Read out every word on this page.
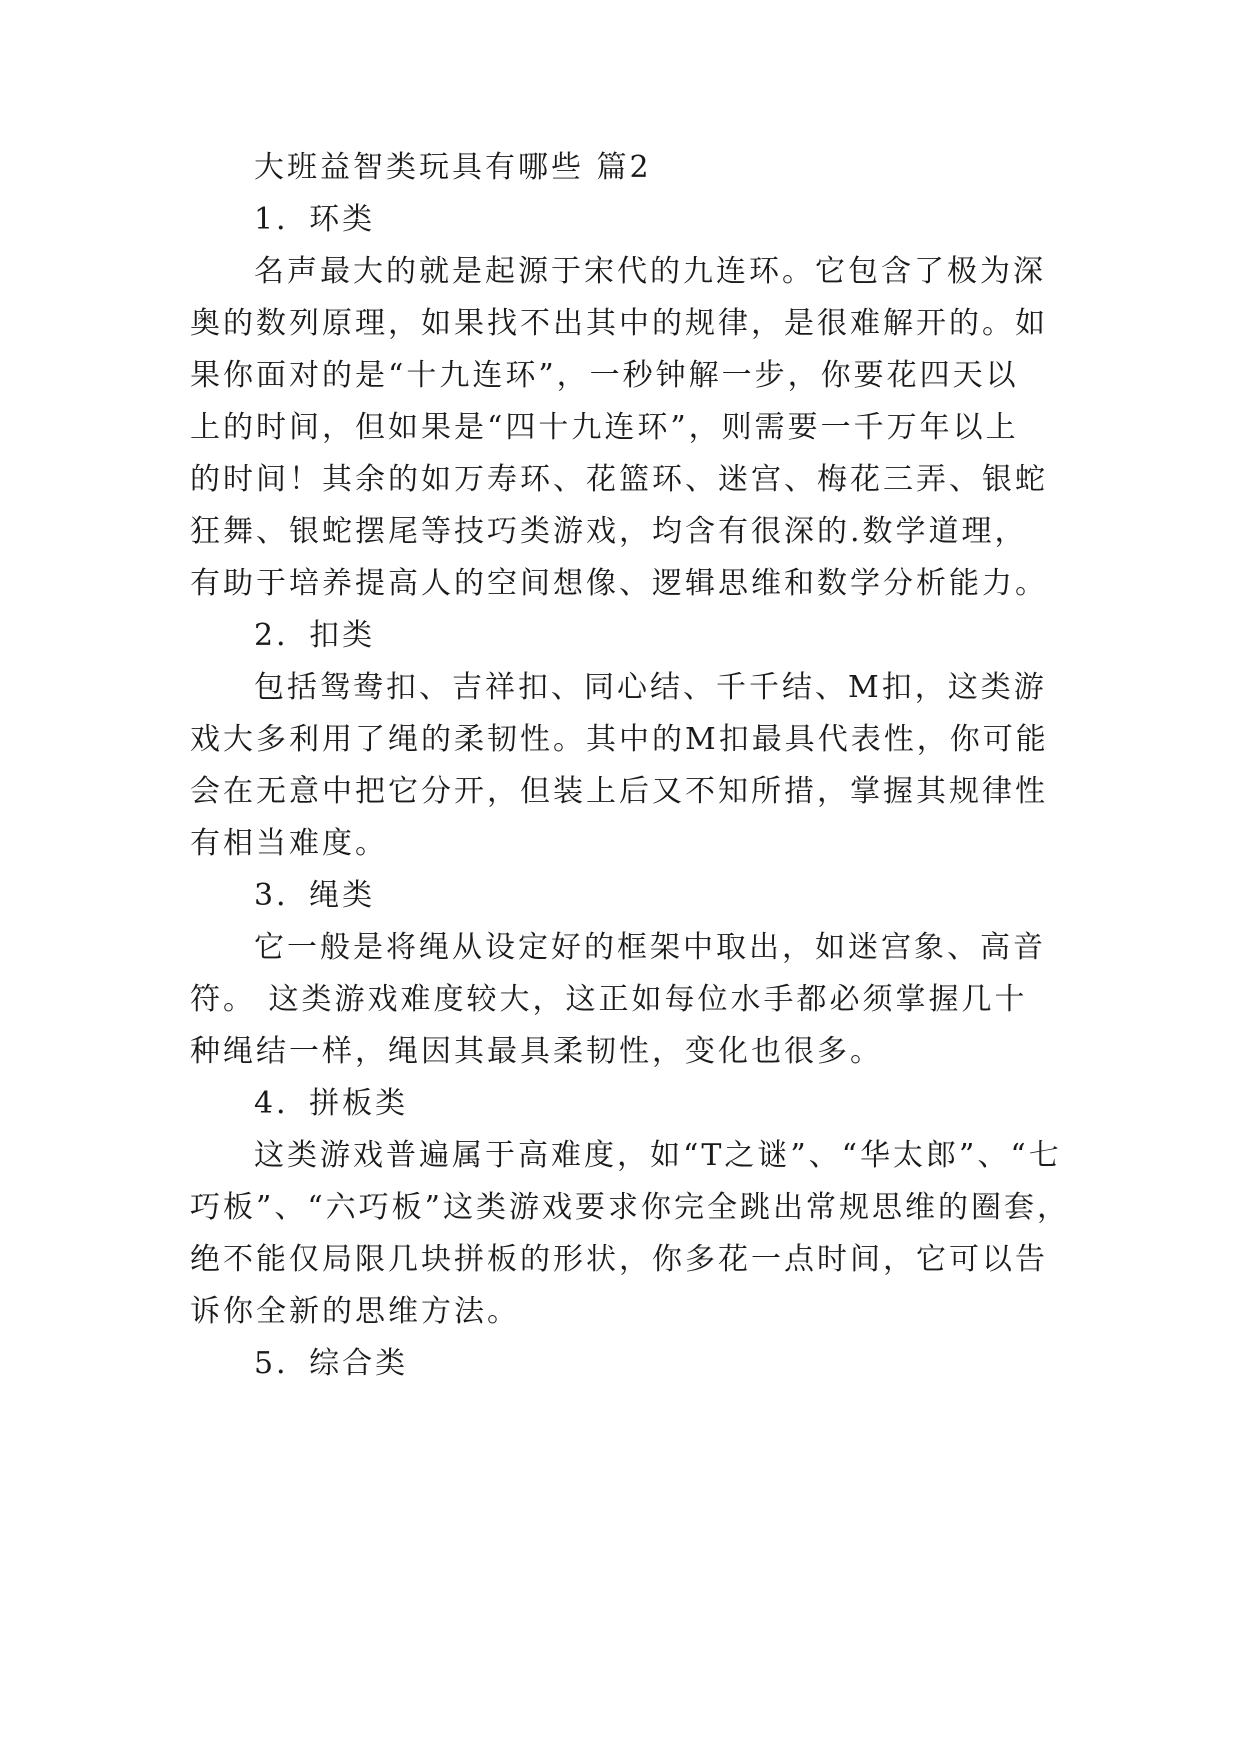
大班益智类玩具有哪些 篇2
1．环类
名声最大的就是起源于宋代的九连环。它包含了极为深
奥的数列原理，如果找不出其中的规律，是很难解开的。如
果你面对的是“十九连环”，一秒钟解一步，你要花四天以
上的时间，但如果是“四十九连环”，则需要一千万年以上
的时间！其余的如万寿环、花篮环、迷宫、梅花三弄、银蛇
狂舞、银蛇摆尾等技巧类游戏，均含有很深的.数学道理，
有助于培养提高人的空间想像、逻辑思维和数学分析能力。
2．扣类
包括鸳鸯扣、吉祥扣、同心结、千千结、M扣，这类游
戏大多利用了绳的柔韧性。其中的M扣最具代表性，你可能
会在无意中把它分开，但装上后又不知所措，掌握其规律性
有相当难度。
3．绳类
它一般是将绳从设定好的框架中取出，如迷宫象、高音
符。 这类游戏难度较大，这正如每位水手都必须掌握几十
种绳结一样，绳因其最具柔韧性，变化也很多。
4．拼板类
这类游戏普遍属于高难度，如“T之谜”、“华太郎”、“七
巧板”、“六巧板”这类游戏要求你完全跳出常规思维的圈套，
绝不能仅局限几块拼板的形状，你多花一点时间，它可以告
诉你全新的思维方法。
5．综合类
